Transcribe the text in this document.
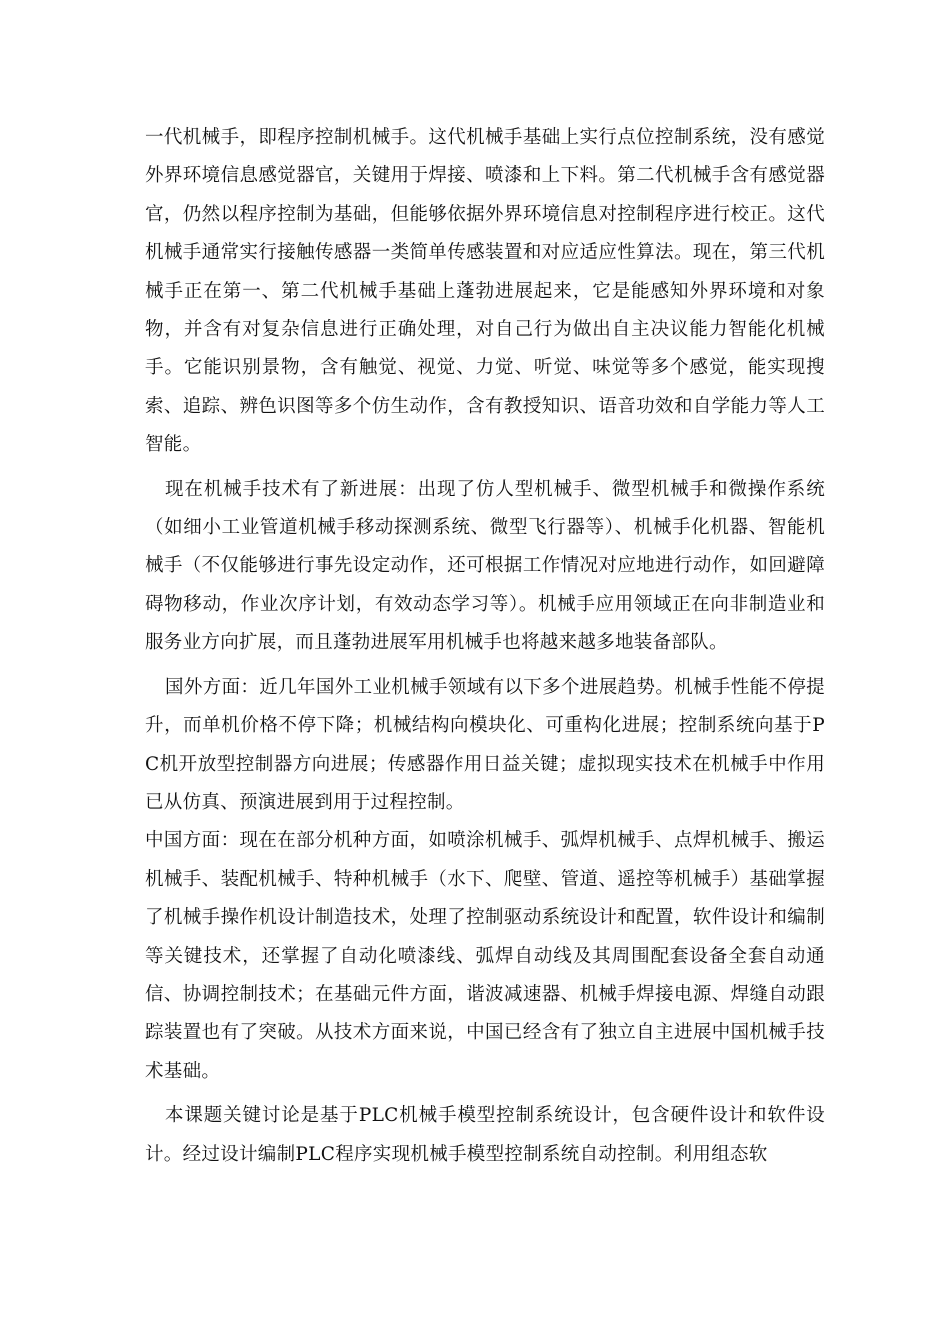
一代机械手，即程序控制机械手。这代机械手基础上实行点位控制系统，没有感觉外界环境信息感觉器官，关键用于焊接、喷漆和上下料。第二代机械手含有感觉器官，仍然以程序控制为基础，但能够依据外界环境信息对控制程序进行校正。这代机械手通常实行接触传感器一类简单传感装置和对应适应性算法。现在，第三代机械手正在第一、第二代机械手基础上蓬勃进展起来，它是能感知外界环境和对象物，并含有对复杂信息进行正确处理，对自己行为做出自主决议能力智能化机械手。它能识别景物，含有触觉、视觉、力觉、听觉、味觉等多个感觉，能实现搜索、追踪、辨色识图等多个仿生动作，含有教授知识、语音功效和自学能力等人工智能。

现在机械手技术有了新进展：出现了仿人型机械手、微型机械手和微操作系统（如细小工业管道机械手移动探测系统、微型飞行器等）、机械手化机器、智能机械手（不仅能够进行事先设定动作，还可根据工作情况对应地进行动作，如回避障碍物移动，作业次序计划，有效动态学习等）。机械手应用领域正在向非制造业和服务业方向扩展，而且蓬勃进展军用机械手也将越来越多地装备部队。

国外方面：近几年国外工业机械手领域有以下多个进展趋势。机械手性能不停提升，而单机价格不停下降；机械结构向模块化、可重构化进展；控制系统向基于PC机开放型控制器方向进展；传感器作用日益关键；虚拟现实技术在机械手中作用已从仿真、预演进展到用于过程控制。

中国方面：现在在部分机种方面，如喷涂机械手、弧焊机械手、点焊机械手、搬运机械手、装配机械手、特种机械手（水下、爬壁、管道、遥控等机械手）基础掌握了机械手操作机设计制造技术，处理了控制驱动系统设计和配置，软件设计和编制等关键技术，还掌握了自动化喷漆线、弧焊自动线及其周围配套设备全套自动通信、协调控制技术；在基础元件方面，谐波减速器、机械手焊接电源、焊缝自动跟踪装置也有了突破。从技术方面来说，中国已经含有了独立自主进展中国机械手技术基础。

本课题关键讨论是基于PLC机械手模型控制系统设计，包含硬件设计和软件设计。经过设计编制PLC程序实现机械手模型控制系统自动控制。利用组态软
